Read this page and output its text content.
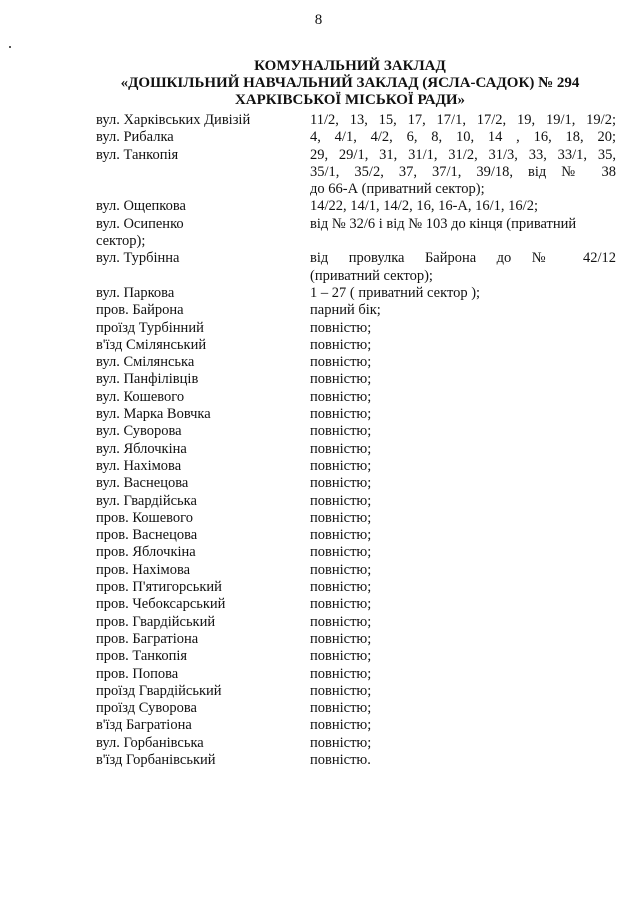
8
КОМУНАЛЬНИЙ ЗАКЛАД
«ДОШКІЛЬНИЙ НАВЧАЛЬНИЙ ЗАКЛАД (ЯСЛА-САДОК) № 294
ХАРКІВСЬКОЇ МІСЬКОЇ РАДИ»
вул. Харківських Дивізій	11/2, 13, 15, 17, 17/1, 17/2, 19, 19/1, 19/2;
вул. Рибалка	4, 4/1, 4/2, 6, 8, 10, 14 , 16, 18, 20;
вул. Танкопія	29, 29/1, 31, 31/1, 31/2, 31/3, 33, 33/1, 35,
35/1, 35/2, 37, 37/1, 39/18, від № 38
до 66-А (приватний сектор);
вул. Ощепкова	14/22, 14/1, 14/2, 16, 16-А, 16/1, 16/2;
вул. Осипенко	від № 32/6 і від № 103 до кінця (приватний
сектор);
вул. Турбінна	від провулка Байрона до № 42/12
(приватний сектор);
вул. Паркова	1 – 27 ( приватний сектор );
пров. Байрона	парний бік;
проїзд Турбінний	повністю;
в'їзд Смілянський	повністю;
вул. Смілянська	повністю;
вул. Панфілівців	повністю;
вул. Кошевого	повністю;
вул. Марка Вовчка	повністю;
вул. Суворова	повністю;
вул. Яблочкіна	повністю;
вул. Нахімова	повністю;
вул. Васнецова	повністю;
вул. Гвардійська	повністю;
пров. Кошевого	повністю;
пров. Васнецова	повністю;
пров. Яблочкіна	повністю;
пров. Нахімова	повністю;
пров. П'ятигорський	повністю;
пров. Чебоксарський	повністю;
пров. Гвардійський	повністю;
пров. Багратіона	повністю;
пров. Танкопія	повністю;
пров. Попова	повністю;
проїзд Гвардійський	повністю;
проїзд Суворова	повністю;
в'їзд Багратіона	повністю;
вул. Горбанівська	повністю;
в'їзд Горбанівський	повністю.
